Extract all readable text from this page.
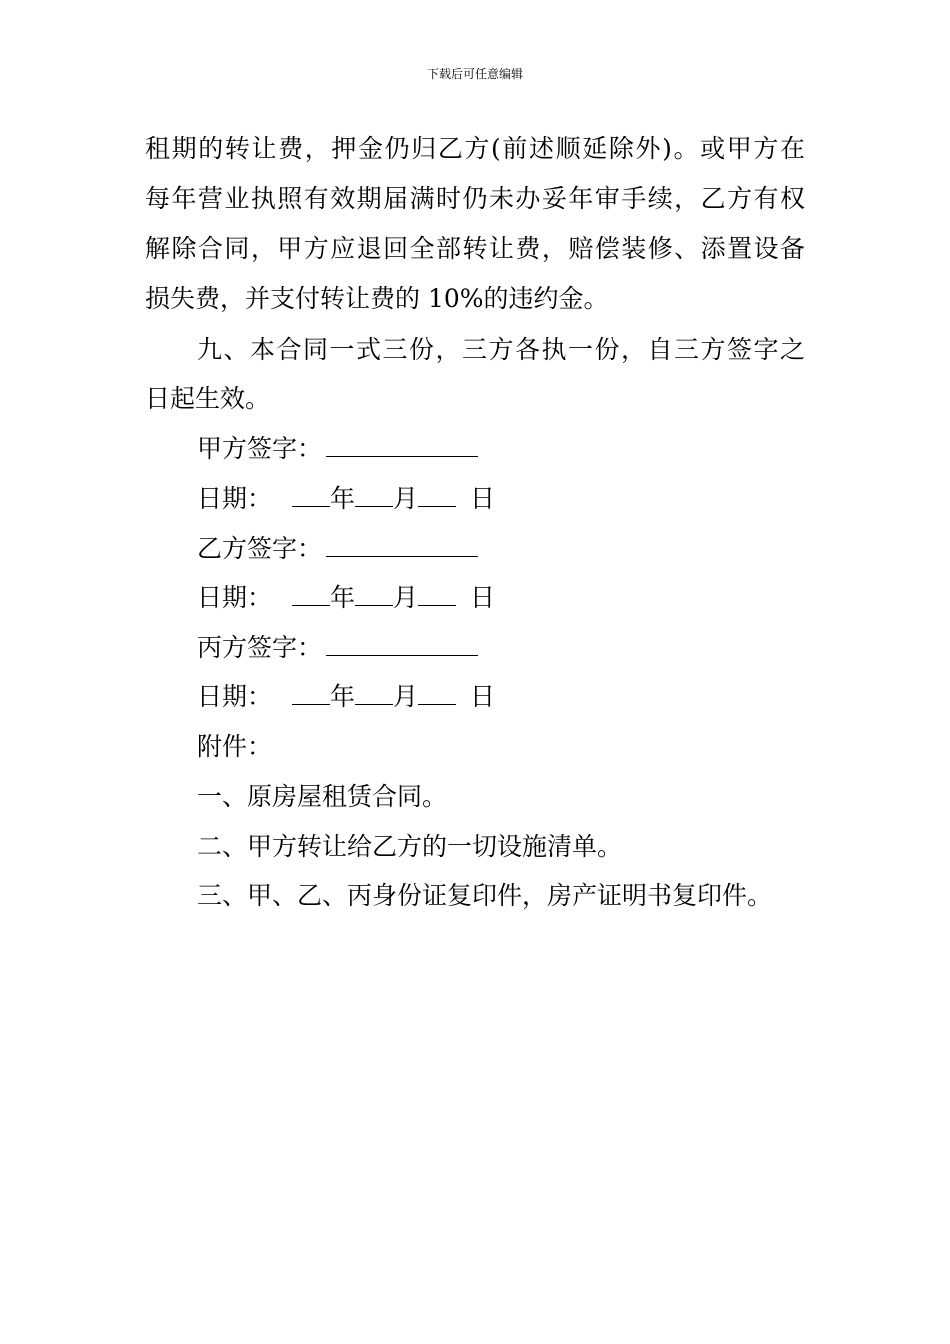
下载后可任意编辑
租期的转让费，押金仍归乙方(前述顺延除外)。或甲方在
每年营业执照有效期届满时仍未办妥年审手续，乙方有权
解除合同，甲方应退回全部转让费，赔偿装修、添置设备
损失费，并支付转让费的 10%的违约金。
九、本合同一式三份，三方各执一份，自三方签字之
日起生效。
甲方签字：
日期： 年 月 日
乙方签字：
日期： 年 月 日
丙方签字：
日期： 年 月 日
附件：
一、原房屋租赁合同。
二、甲方转让给乙方的一切设施清单。
三、甲、乙、丙身份证复印件，房产证明书复印件。
